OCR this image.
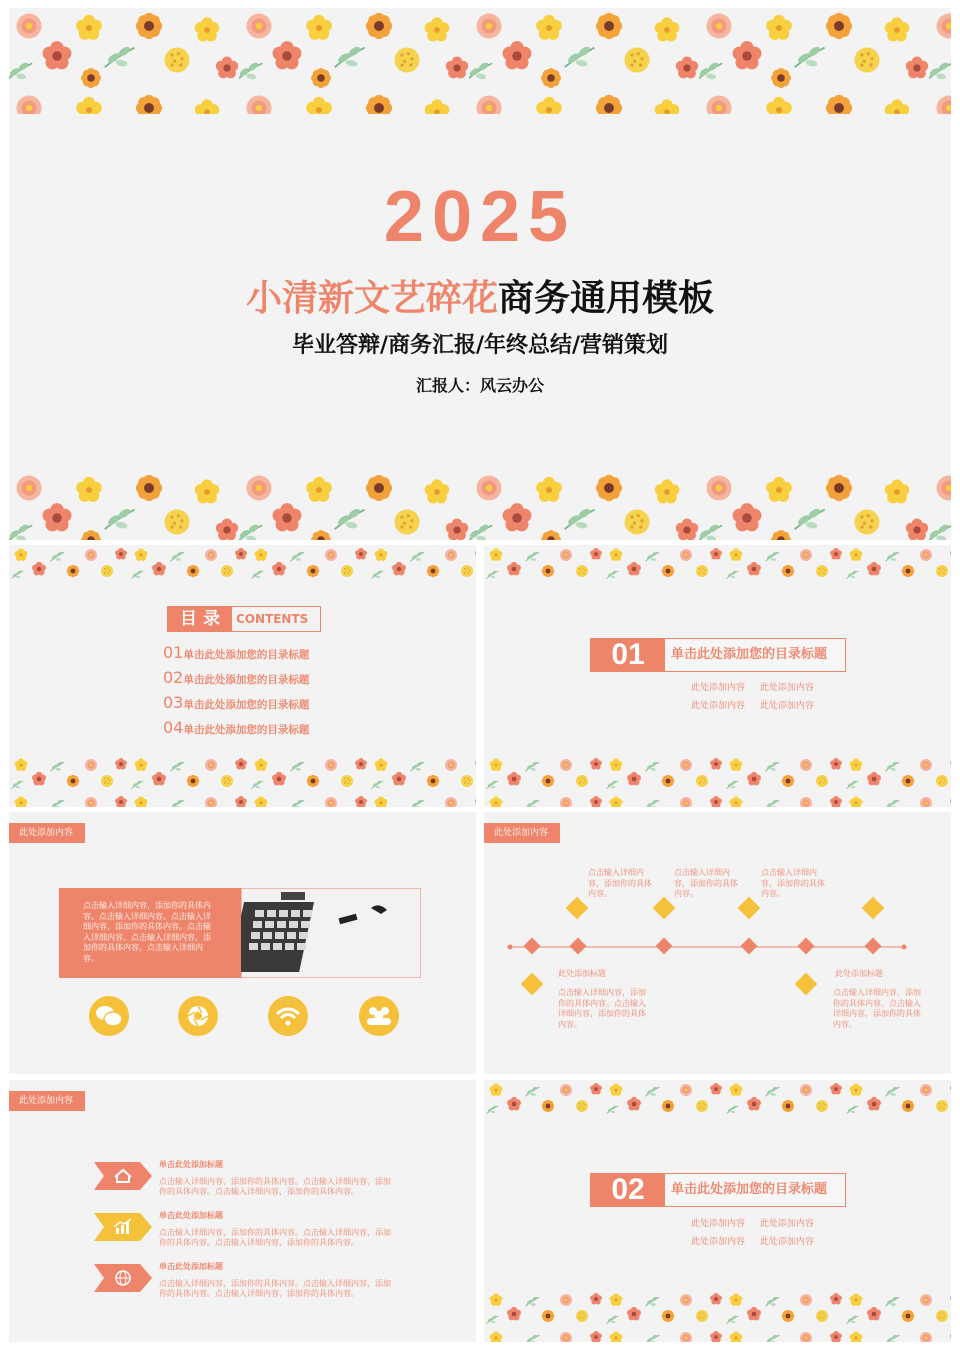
2025
小清新文艺碎花商务通用模板
毕业答辩/商务汇报/年终总结/营销策划
汇报人：风云办公
目 录	CONTENTS
01单击此处添加您的目录标题
02单击此处添加您的目录标题
03单击此处添加您的目录标题
04单击此处添加您的目录标题
01	单击此处添加您的目录标题
此处添加内容 此处添加内容
此处添加内容 此处添加内容
此处添加内容
点击输入详细内容，添加你的具体内容。点击输入详细内容。点击输入详细内容，添加你的具体内容。点击输入详细内容。点击输入详细内容，添加你的具体内容。点击输入详细内容。
此处添加内容
点击输入详细内容，添加你的具体内容。
点击输入详细内容，添加你的具体内容。
点击输入详细内容，添加你的具体内容。
此处添加标题
点击输入详细内容，添加你的具体内容。点击输入详细内容，添加你的具体内容。
此处添加标题
点击输入详细内容，添加你的具体内容。点击输入详细内容，添加你的具体内容。
此处添加内容
单击此处添加标题
点击输入详细内容，添加你的具体内容。点击输入详细内容，添加
你的具体内容。点击输入详细内容，添加你的具体内容。
单击此处添加标题
点击输入详细内容，添加你的具体内容。点击输入详细内容，添加
你的具体内容。点击输入详细内容，添加你的具体内容。
单击此处添加标题
点击输入详细内容，添加你的具体内容。点击输入详细内容，添加
你的具体内容。点击输入详细内容，添加你的具体内容。
02	单击此处添加您的目录标题
此处添加内容 此处添加内容
此处添加内容 此处添加内容
